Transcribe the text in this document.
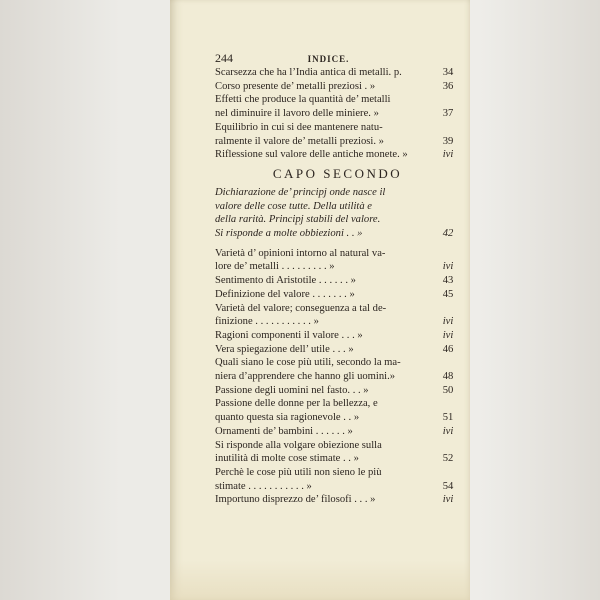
244	INDICE.
Scarsezza che ha l’India antica di metalli. p.	34
Corso presente de’ metalli preziosi . »	36
Effetti che produce la quantità de’ metalli
nel diminuire il lavoro delle miniere. »	37
Equilibrio in cui si dee mantenere natu-
ralmente il valore de’ metalli preziosi. »	39
Riflessione sul valore delle antiche monete. »	ivi
CAPO SECONDO
Dichiarazione de’ principj onde nasce il
valore delle cose tutte. Della utilità e
della rarità. Principj stabili del valore.
Si risponde a molte obbiezioni . . »	42
Varietà d’ opinioni intorno al natural va-
lore de’ metalli . . . . . . . . . »	ivi
Sentimento di Aristotile . . . . . . »	43
Definizione del valore . . . . . . . »	45
Varietà del valore; conseguenza a tal de-
finizione . . . . . . . . . . . »	ivi
Ragioni componenti il valore . . . »	ivi
Vera spiegazione dell’ utile . . . »	46
Quali siano le cose più utili, secondo la ma-
niera d’apprendere che hanno gli uomini.»	48
Passione degli uomini nel fasto. . . »	50
Passione delle donne per la bellezza, e
quanto questa sia ragionevole . . »	51
Ornamenti de’ bambini . . . . . . »	ivi
Si risponde alla volgare obiezione sulla
inutilità di molte cose stimate . . »	52
Perchè le cose più utili non sieno le più
stimate . . . . . . . . . . . »	54
Importuno disprezzo de’ filosofi . . . »	ivi
